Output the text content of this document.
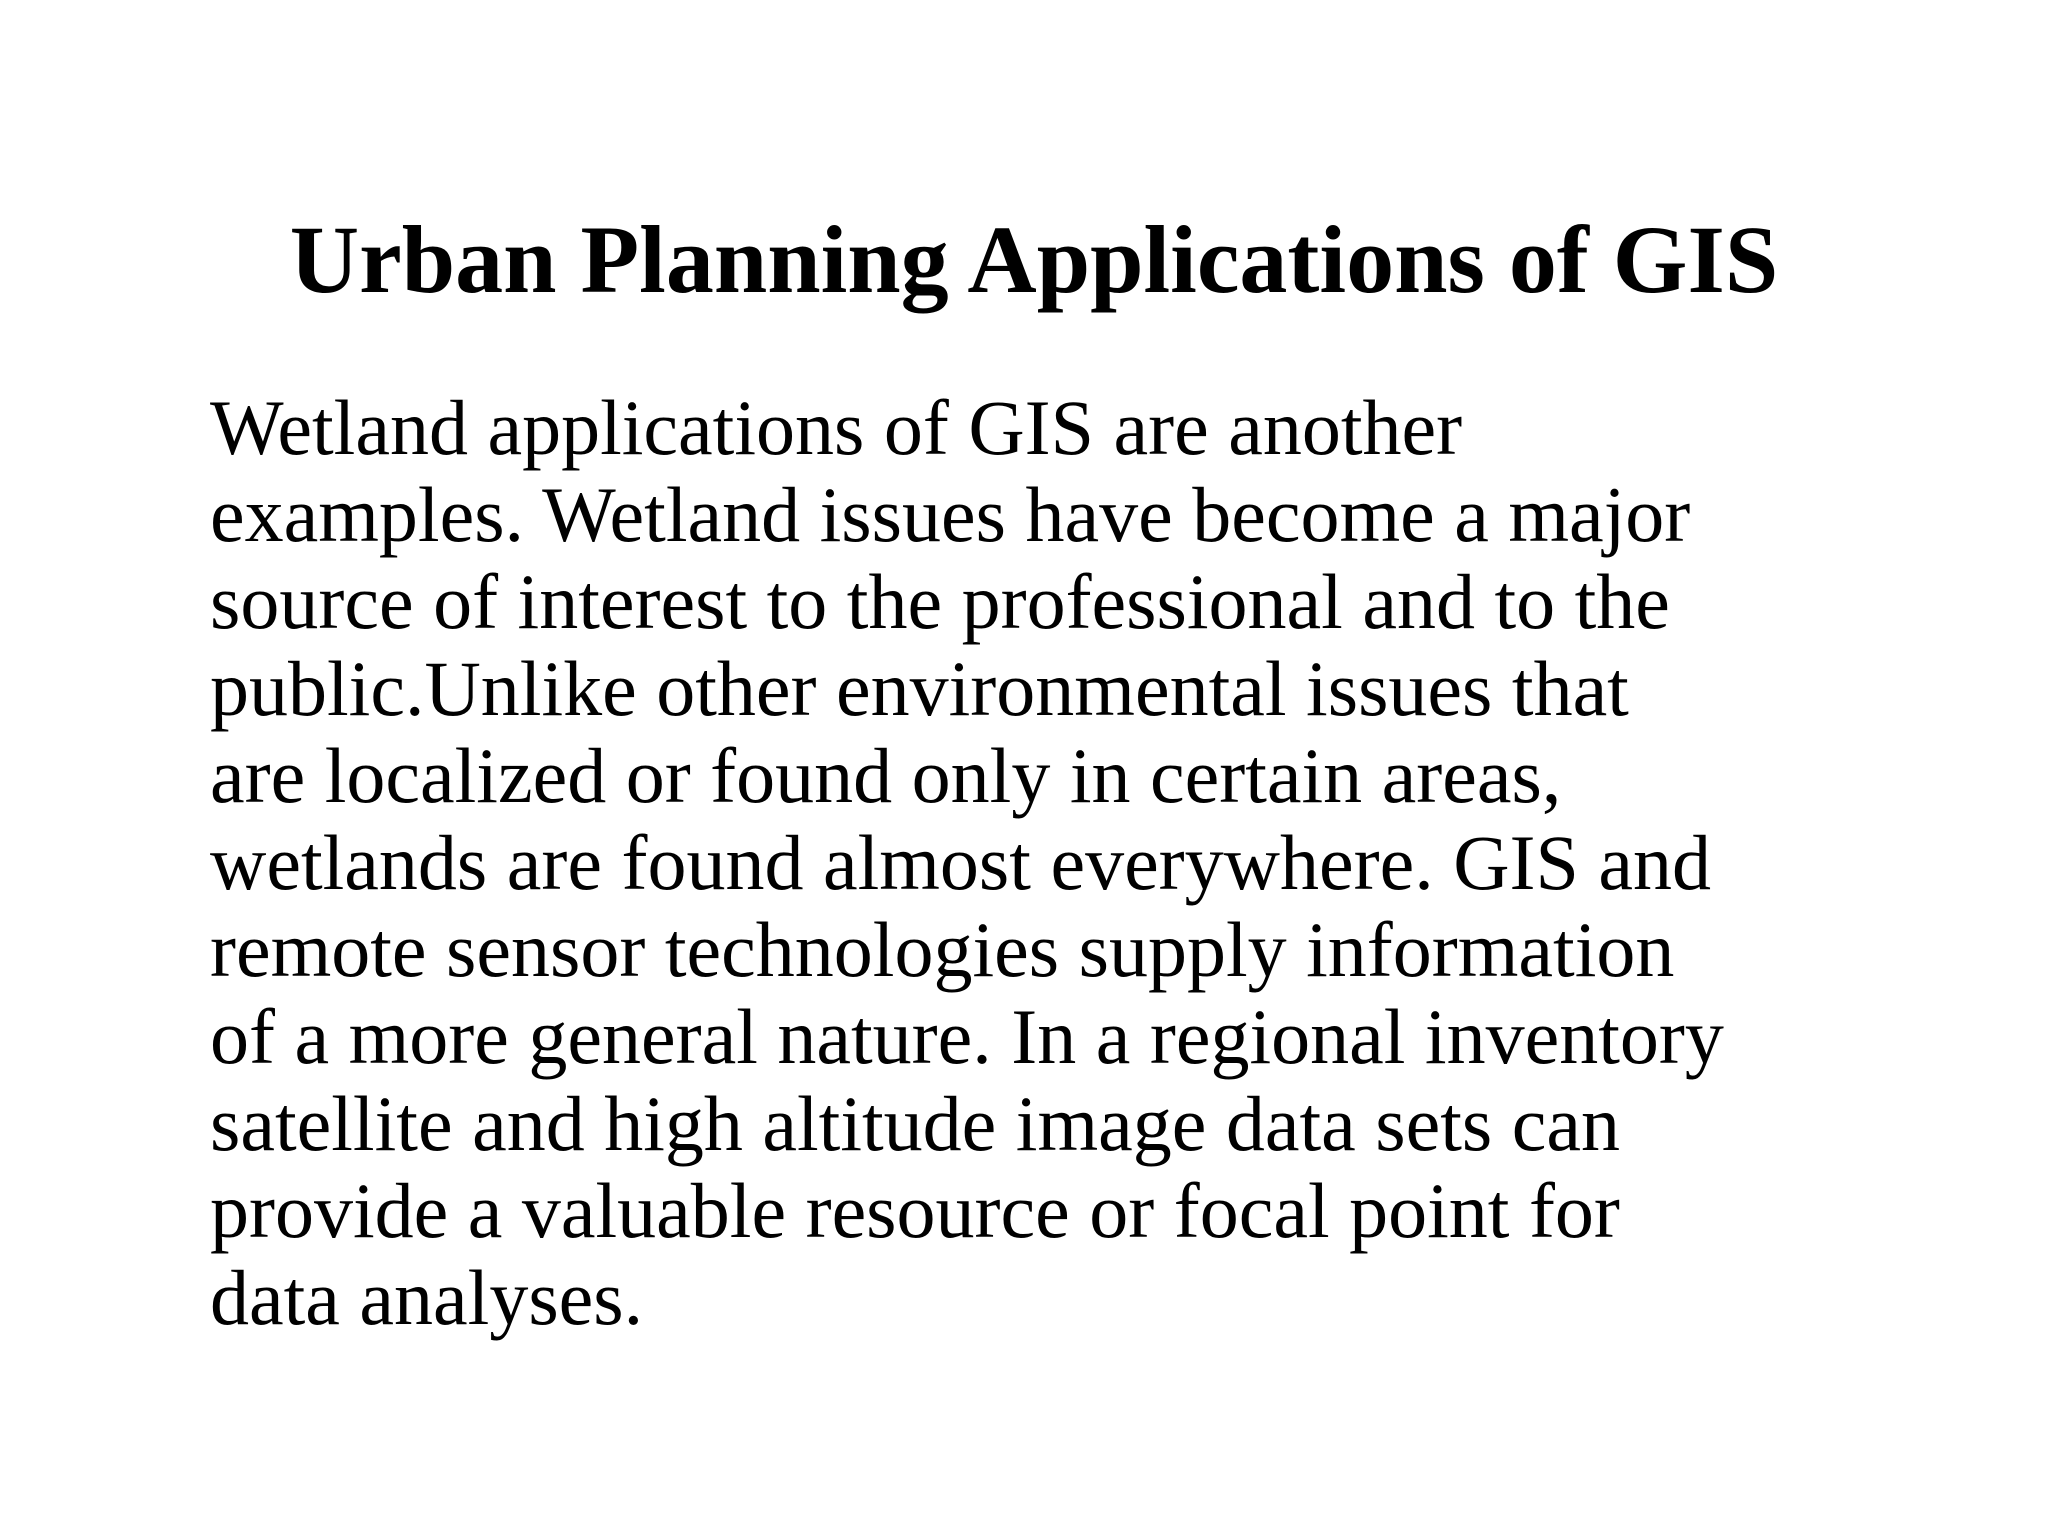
Urban Planning Applications of GIS

Wetland applications of GIS are another
examples. Wetland issues have become a major
source of interest to the professional and to the
public.Unlike other environmental issues that
are localized or found only in certain areas,
wetlands are found almost everywhere. GIS and
remote sensor technologies supply information
of a more general nature. In a regional inventory
satellite and high altitude image data sets can
provide a valuable resource or focal point for
data analyses.
